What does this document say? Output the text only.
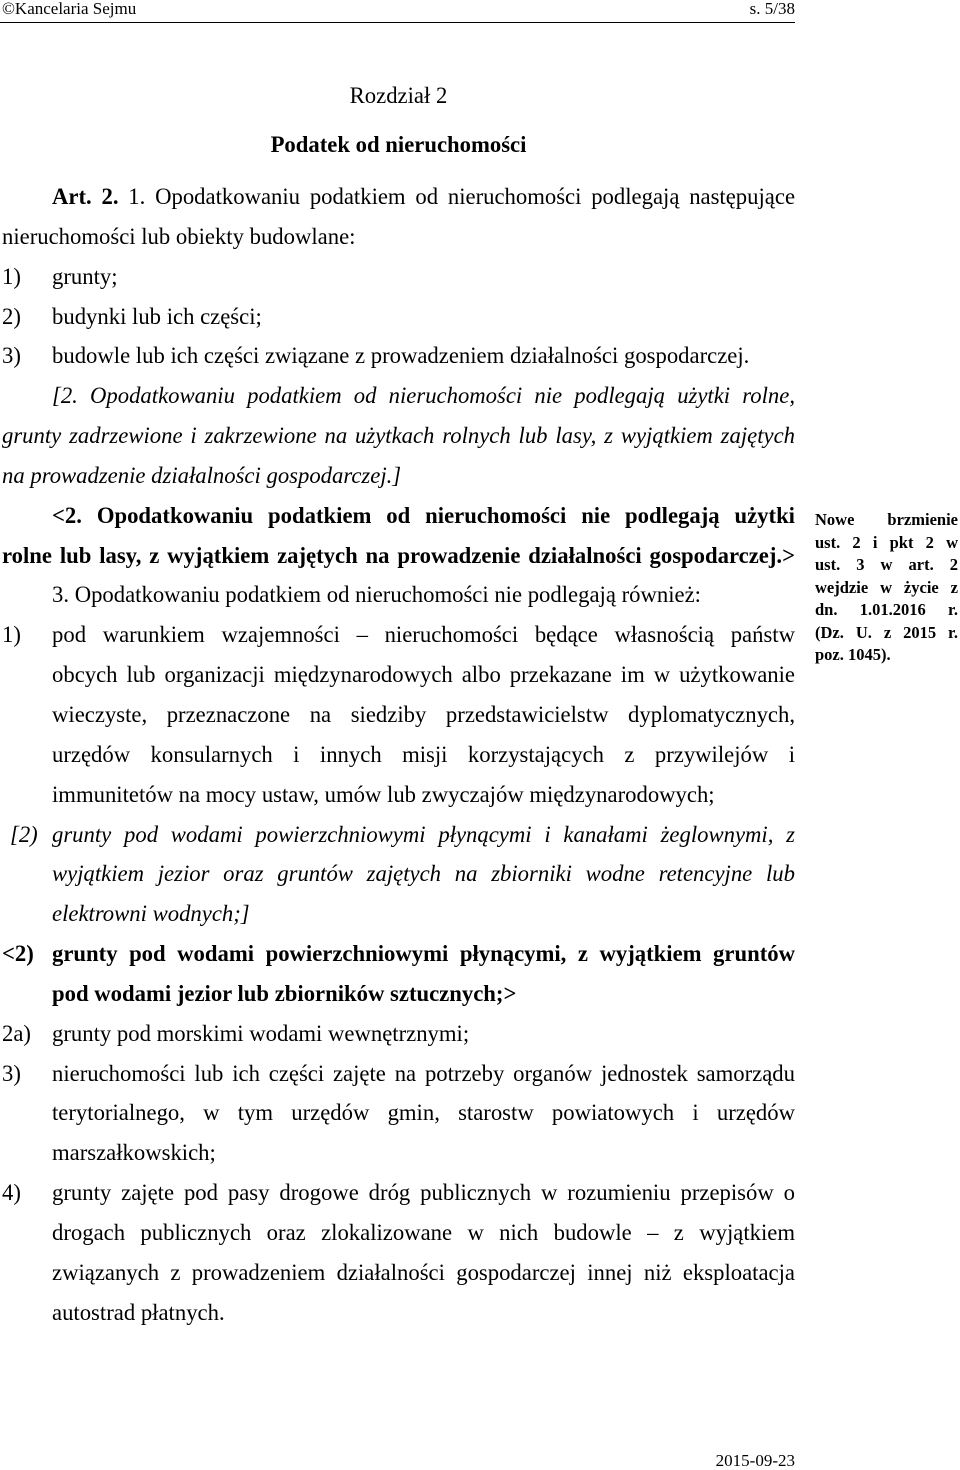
©Kancelaria Sejmu	s. 5/38
Rozdział 2
Podatek od nieruchomości
Art. 2. 1. Opodatkowaniu podatkiem od nieruchomości podlegają następujące
nieruchomości lub obiekty budowlane:
1) grunty;
2) budynki lub ich części;
3) budowle lub ich części związane z prowadzeniem działalności gospodarczej.
[2. Opodatkowaniu podatkiem od nieruchomości nie podlegają użytki rolne,
grunty zadrzewione i zakrzewione na użytkach rolnych lub lasy, z wyjątkiem zajętych
na prowadzenie działalności gospodarczej.]
<2. Opodatkowaniu podatkiem od nieruchomości nie podlegają użytki
rolne lub lasy, z wyjątkiem zajętych na prowadzenie działalności gospodarczej.>
3. Opodatkowaniu podatkiem od nieruchomości nie podlegają również:
1) pod warunkiem wzajemności – nieruchomości będące własnością państw
obcych lub organizacji międzynarodowych albo przekazane im w użytkowanie
wieczyste, przeznaczone na siedziby przedstawicielstw dyplomatycznych,
urzędów konsularnych i innych misji korzystających z przywilejów i
immunitetów na mocy ustaw, umów lub zwyczajów międzynarodowych;
[2) grunty pod wodami powierzchniowymi płynącymi i kanałami żeglownymi, z
wyjątkiem jezior oraz gruntów zajętych na zbiorniki wodne retencyjne lub
elektrowni wodnych;]
<2) grunty pod wodami powierzchniowymi płynącymi, z wyjątkiem gruntów
pod wodami jezior lub zbiorników sztucznych;>
2a) grunty pod morskimi wodami wewnętrznymi;
3) nieruchomości lub ich części zajęte na potrzeby organów jednostek samorządu
terytorialnego, w tym urzędów gmin, starostw powiatowych i urzędów
marszałkowskich;
4) grunty zajęte pod pasy drogowe dróg publicznych w rozumieniu przepisów o
drogach publicznych oraz zlokalizowane w nich budowle – z wyjątkiem
związanych z prowadzeniem działalności gospodarczej innej niż eksploatacja
autostrad płatnych.
Nowe brzmienie
ust. 2 i pkt 2 w
ust. 3 w art. 2
wejdzie w życie z
dn. 1.01.2016 r.
(Dz. U. z 2015 r.
poz. 1045).
2015-09-23
